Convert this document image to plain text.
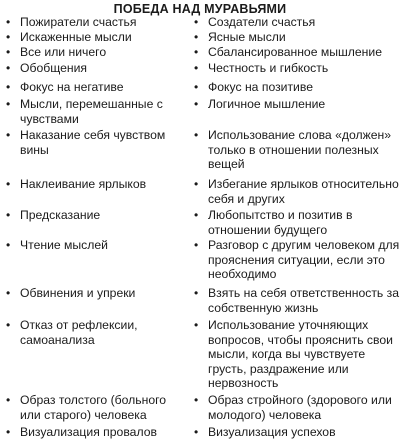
ПОБЕДА НАД МУРАВЬЯМИ
• Пожиратели счастья
• Искаженные мысли
• Все или ничего
• Обобщения
• Фокус на негативе
• Мысли, перемешанные с чувствами
• Наказание себя чувством вины
• Наклеивание ярлыков
• Предсказание
• Чтение мыслей
• Обвинения и упреки
• Отказ от рефлексии, самоанализа
• Образ толстого (больного или старого) человека
• Визуализация провалов
• Создатели счастья
• Ясные мысли
• Сбалансированное мышление
• Честность и гибкость
• Фокус на позитиве
• Логичное мышление
• Использование слова «должен» только в отношении полезных вещей
• Избегание ярлыков относительно себя и других
• Любопытство и позитив в отношении будущего
• Разговор с другим человеком для прояснения ситуации, если это необходимо
• Взять на себя ответственность за собственную жизнь
• Использование уточняющих вопросов, чтобы прояснить свои мысли, когда вы чувствуете грусть, раздражение или нервозность
• Образ стройного (здорового или молодого) человека
• Визуализация успехов
